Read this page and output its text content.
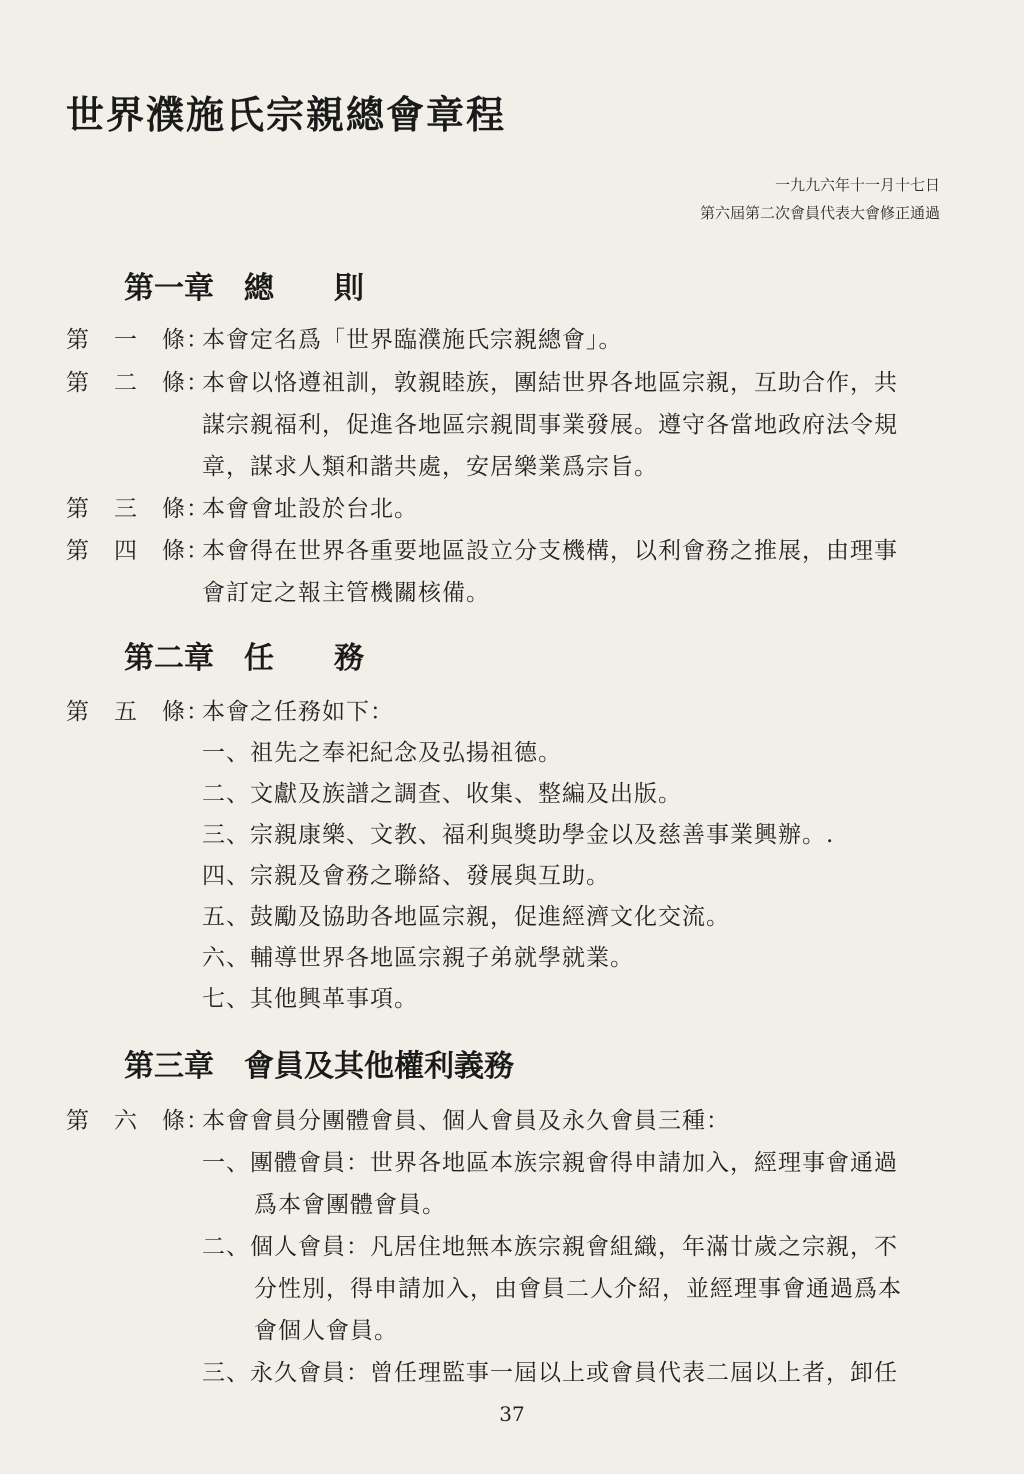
世界濮施氏宗親總會章程
一九九六年十一月十七日
第六屆第二次會員代表大會修正通過
第一章　總　　則
第　一　條：
本會定名爲「世界臨濮施氏宗親總會」。
第　二　條：
本會以恪遵祖訓，敦親睦族，團結世界各地區宗親，互助合作，共
謀宗親福利，促進各地區宗親間事業發展。遵守各當地政府法令規
章，謀求人類和諧共處，安居樂業爲宗旨。
第　三　條：
本會會址設於台北。
第　四　條：
本會得在世界各重要地區設立分支機構，以利會務之推展，由理事
會訂定之報主管機關核備。
第二章　任　　務
第　五　條：
本會之任務如下：
一、祖先之奉祀紀念及弘揚祖德。
二、文獻及族譜之調查、收集、整編及出版。
三、宗親康樂、文教、福利與獎助學金以及慈善事業興辦。.
四、宗親及會務之聯絡、發展與互助。
五、鼓勵及協助各地區宗親，促進經濟文化交流。
六、輔導世界各地區宗親子弟就學就業。
七、其他興革事項。
第三章　會員及其他權利義務
第　六　條：
本會會員分團體會員、個人會員及永久會員三種：
一、團體會員：世界各地區本族宗親會得申請加入，經理事會通過
爲本會團體會員。
二、個人會員：凡居住地無本族宗親會組織，年滿廿歲之宗親，不
分性別，得申請加入，由會員二人介紹，並經理事會通過爲本
會個人會員。
三、永久會員：曾任理監事一屆以上或會員代表二屆以上者，卸任
37
